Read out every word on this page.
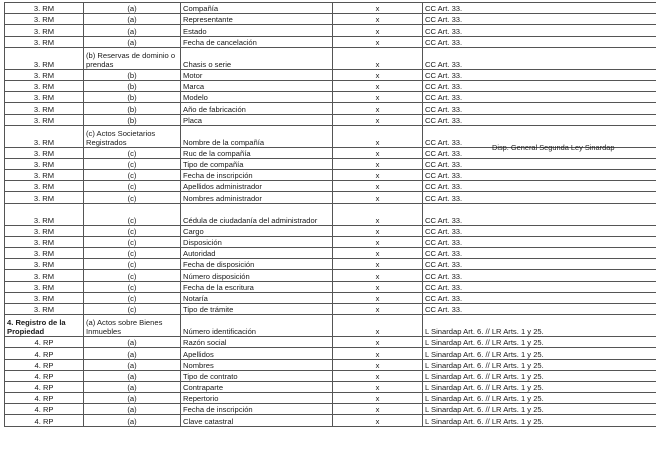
3. RM	(a)	Compañía	x	CC Art. 33.
3. RM	(a)	Representante	x	CC Art. 33.
3. RM	(a)	Estado	x	CC Art. 33.
3. RM	(a)	Fecha de cancelación	x	CC Art. 33.
3. RM	(b) Reservas de dominio o prendas	Chasis o serie	x	CC Art. 33.
3. RM	(b)	Motor	x	CC Art. 33.
3. RM	(b)	Marca	x	CC Art. 33.
3. RM	(b)	Modelo	x	CC Art. 33.
3. RM	(b)	Año de fabricación	x	CC Art. 33.
3. RM	(b)	Placa	x	CC Art. 33.
3. RM	(c) Actos Societarios Registrados	Nombre de la compañía	x	CC Art. 33.
3. RM	(c)	Ruc de la compañía	x	CC Art. 33.
3. RM	(c)	Tipo de compañía	x	CC Art. 33.
3. RM	(c)	Fecha de inscripción	x	CC Art. 33.
3. RM	(c)	Apellidos administrador	x	CC Art. 33.
3. RM	(c)	Nombres administrador	x	CC Art. 33.
3. RM	(c)	Cédula de ciudadanía del administrador	x	CC Art. 33.
3. RM	(c)	Cargo	x	CC Art. 33.
3. RM	(c)	Disposición	x	CC Art. 33.
3. RM	(c)	Autoridad	x	CC Art. 33.
3. RM	(c)	Fecha de disposición	x	CC Art. 33.
3. RM	(c)	Número disposición	x	CC Art. 33.
3. RM	(c)	Fecha de la escritura	x	CC Art. 33.
3. RM	(c)	Notaría	x	CC Art. 33.
3. RM	(c)	Tipo de trámite	x	CC Art. 33.
4. Registro de la Propiedad	(a) Actos sobre Bienes Inmuebles	Número identificación	x	L Sinardap Art. 6. // LR Arts. 1 y 25.
4. RP	(a)	Razón social	x	L Sinardap Art. 6. // LR Arts. 1 y 25.
4. RP	(a)	Apellidos	x	L Sinardap Art. 6. // LR Arts. 1 y 25.
4. RP	(a)	Nombres	x	L Sinardap Art. 6. // LR Arts. 1 y 25.
4. RP	(a)	Tipo de contrato	x	L Sinardap Art. 6. // LR Arts. 1 y 25.
4. RP	(a)	Contraparte	x	L Sinardap Art. 6. // LR Arts. 1 y 25.
4. RP	(a)	Repertorio	x	L Sinardap Art. 6. // LR Arts. 1 y 25.
4. RP	(a)	Fecha de inscripción	x	L Sinardap Art. 6. // LR Arts. 1 y 25.
4. RP	(a)	Clave catastral	x	L Sinardap Art. 6. // LR Arts. 1 y 25.
Disp. General Segunda Ley Sinardap
